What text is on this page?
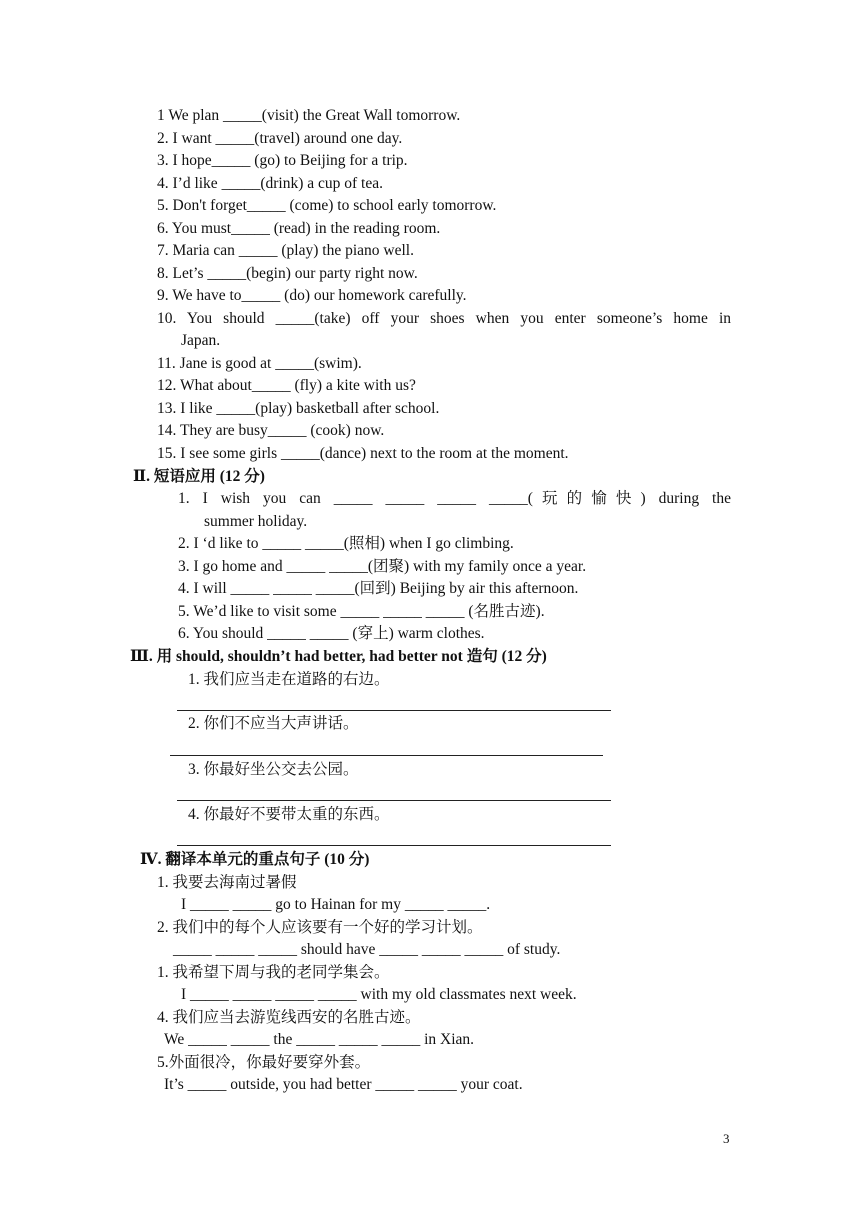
1 We plan _____(visit) the Great Wall tomorrow.
2. I want _____(travel) around one day.
3. I hope_____ (go) to Beijing for a trip.
4. I’d like _____(drink) a cup of tea.
5. Don't forget_____ (come) to school early tomorrow.
6. You must_____ (read) in the reading room.
7. Maria can _____ (play) the piano well.
8. Let’s _____(begin) our party right now.
9. We have to_____ (do) our homework carefully.
10. You should _____(take) off your shoes when you enter someone’s home in
Japan.
11. Jane is good at _____(swim).
12. What about_____ (fly) a kite with us?
13. I like _____(play) basketball after school.
14. They are busy_____ (cook) now.
15. I see some girls _____(dance) next to the room at the moment.
Ⅱ. 短语应用 (12 分)
1. I wish you can _____ _____ _____ _____(玩的愉快) during the
summer holiday.
2. I ‘d like to _____ _____(照相) when I go climbing.
3. I go home and _____ _____(团聚) with my family once a year.
4. I will _____ _____ _____(回到) Beijing by air this afternoon.
5. We’d like to visit some _____ _____ _____ (名胜古迹).
6. You should _____ _____ (穿上) warm clothes.
Ⅲ. 用 should, shouldn’t had better, had better not 造句 (12 分)
1. 我们应当走在道路的右边。
2. 你们不应当大声讲话。
3. 你最好坐公交去公园。
4. 你最好不要带太重的东西。
Ⅳ. 翻译本单元的重点句子 (10 分)
1. 我要去海南过暑假
I _____ _____ go to Hainan for my _____ _____.
2. 我们中的每个人应该要有一个好的学习计划。
_____ _____ _____ should have _____ _____ _____ of study.
1. 我希望下周与我的老同学集会。
I _____ _____ _____ _____ with my old classmates next week.
4. 我们应当去游览线西安的名胜古迹。
We _____ _____ the _____ _____ _____ in Xian.
5.外面很冷，你最好要穿外套。
It’s _____ outside, you had better _____ _____ your coat.
3
